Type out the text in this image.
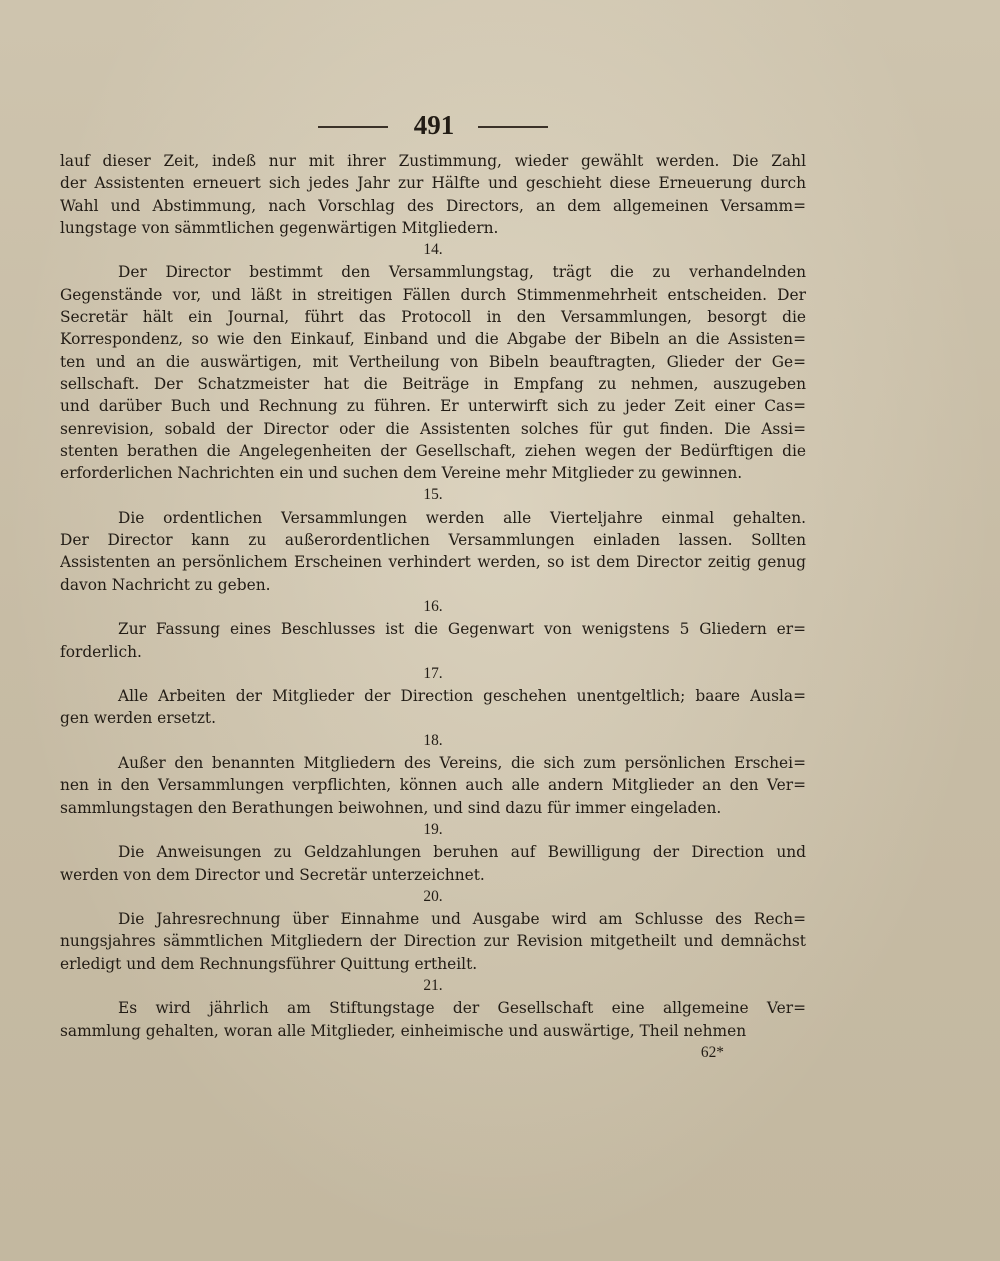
491
lauf dieser Zeit, indeß nur mit ihrer Zustimmung, wieder gewählt werden. Die Zahl
der Assistenten erneuert sich jedes Jahr zur Hälfte und geschieht diese Erneuerung durch
Wahl und Abstimmung, nach Vorschlag des Directors, an dem allgemeinen Versamm=
lungstage von sämmtlichen gegenwärtigen Mitgliedern.
14.
Der Director bestimmt den Versammlungstag, trägt die zu verhandelnden
Gegenstände vor, und läßt in streitigen Fällen durch Stimmenmehrheit entscheiden. Der
Secretär hält ein Journal, führt das Protocoll in den Versammlungen, besorgt die
Korrespondenz, so wie den Einkauf, Einband und die Abgabe der Bibeln an die Assisten=
ten und an die auswärtigen, mit Vertheilung von Bibeln beauftragten, Glieder der Ge=
sellschaft. Der Schatzmeister hat die Beiträge in Empfang zu nehmen, auszugeben
und darüber Buch und Rechnung zu führen. Er unterwirft sich zu jeder Zeit einer Cas=
senrevision, sobald der Director oder die Assistenten solches für gut finden. Die Assi=
stenten berathen die Angelegenheiten der Gesellschaft, ziehen wegen der Bedürftigen die
erforderlichen Nachrichten ein und suchen dem Vereine mehr Mitglieder zu gewinnen.
15.
Die ordentlichen Versammlungen werden alle Vierteljahre einmal gehalten.
Der Director kann zu außerordentlichen Versammlungen einladen lassen. Sollten
Assistenten an persönlichem Erscheinen verhindert werden, so ist dem Director zeitig genug
davon Nachricht zu geben.
16.
Zur Fassung eines Beschlusses ist die Gegenwart von wenigstens 5 Gliedern er=
forderlich.
17.
Alle Arbeiten der Mitglieder der Direction geschehen unentgeltlich; baare Ausla=
gen werden ersetzt.
18.
Außer den benannten Mitgliedern des Vereins, die sich zum persönlichen Erschei=
nen in den Versammlungen verpflichten, können auch alle andern Mitglieder an den Ver=
sammlungstagen den Berathungen beiwohnen, und sind dazu für immer eingeladen.
19.
Die Anweisungen zu Geldzahlungen beruhen auf Bewilligung der Direction und
werden von dem Director und Secretär unterzeichnet.
20.
Die Jahresrechnung über Einnahme und Ausgabe wird am Schlusse des Rech=
nungsjahres sämmtlichen Mitgliedern der Direction zur Revision mitgetheilt und demnächst
erledigt und dem Rechnungsführer Quittung ertheilt.
21.
Es wird jährlich am Stiftungstage der Gesellschaft eine allgemeine Ver=
sammlung gehalten, woran alle Mitglieder, einheimische und auswärtige, Theil nehmen
62*
